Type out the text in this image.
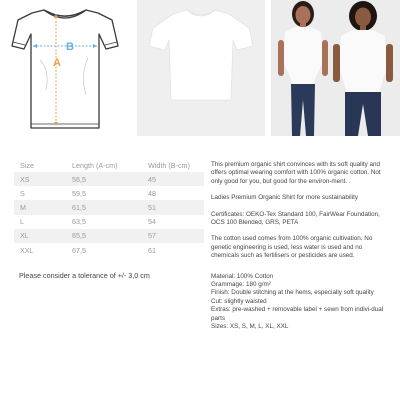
B
A
Size	Length (A-cm)	Width (B-cm)
XS	56,5	45
S	59,5	48
M	61,5	51
L	63,5	54
XL	65,5	57
XXL	67,5	61
Please consider a tolerance of +/- 3,0 cm

This premium organic shirt convinces with its soft quality and offers optimal wearing comfort with 100% organic cotton. Not only good for you, but good for the environ-ment. .

Ladies Premium Organic Shirt for more sustainability

Certificates: OEKO-Tex Standard 100, FairWear Foundation, OCS 100 Blended, GRS, PETA

The cotton used comes from 100% organic cultivation. No genetic engineering is used, less water is used and no chemicals such as fertilisers or pesticides are used.

Material: 100% Cotton

Grammage: 180 g/m²

Finish: Double stitching at the hems, especially soft quality

Cut: slightly waisted

Extras: pre-washed + removable label + sewn from indivi-dual parts

Sizes: XS, S, M, L, XL, XXL
